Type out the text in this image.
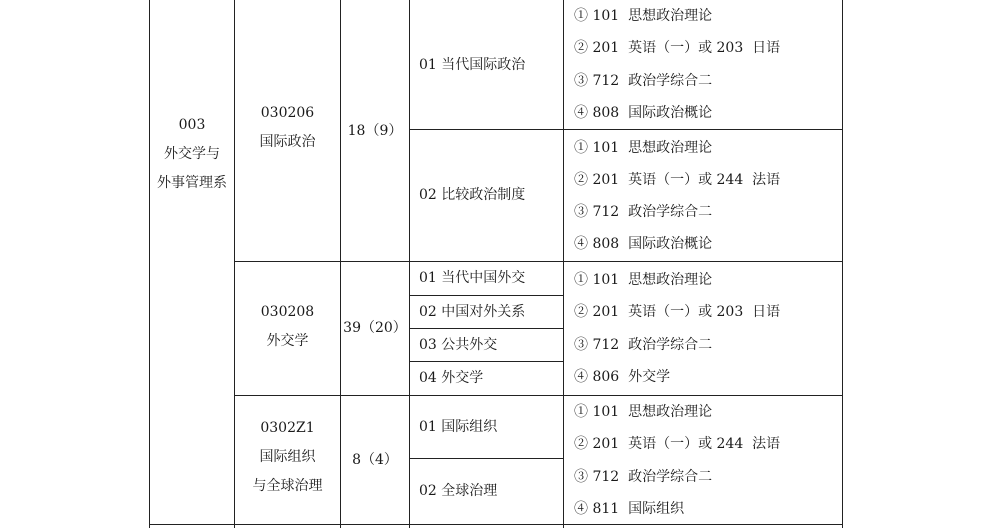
003
外交学与
外事管理系
030206
国际政治
18（9）
01 当代国际政治
02 比较政治制度
① 101  思想政治理论
② 201  英语（一）或 203  日语
③ 712  政治学综合二
④ 808  国际政治概论
① 101  思想政治理论
② 201  英语（一）或 244  法语
③ 712  政治学综合二
④ 808  国际政治概论
030208
外交学
39（20）
01 当代中国外交
02 中国对外关系
03 公共外交
04 外交学
① 101  思想政治理论
② 201  英语（一）或 203  日语
③ 712  政治学综合二
④ 806  外交学
0302Z1
国际组织
与全球治理
8（4）
01 国际组织
02 全球治理
① 101  思想政治理论
② 201  英语（一）或 244  法语
③ 712  政治学综合二
④ 811  国际组织
